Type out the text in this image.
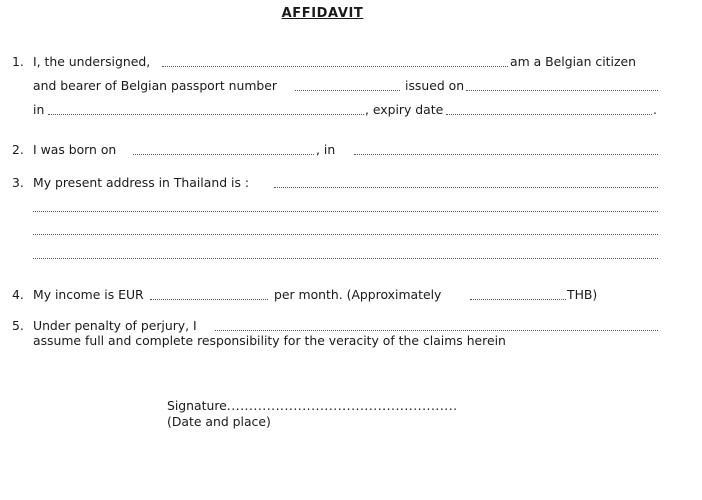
AFFIDAVIT
1. I, the undersigned,	am a Belgian citizen
and bearer of Belgian passport number	issued on
in	, expiry date	.
2. I was born on	, in
3. My present address in Thailand is :
4. My income is EUR	per month. (Approximately	THB)
5. Under penalty of perjury, I
assume full and complete responsibility for the veracity of the claims herein
Signature....................................................
(Date and place)
